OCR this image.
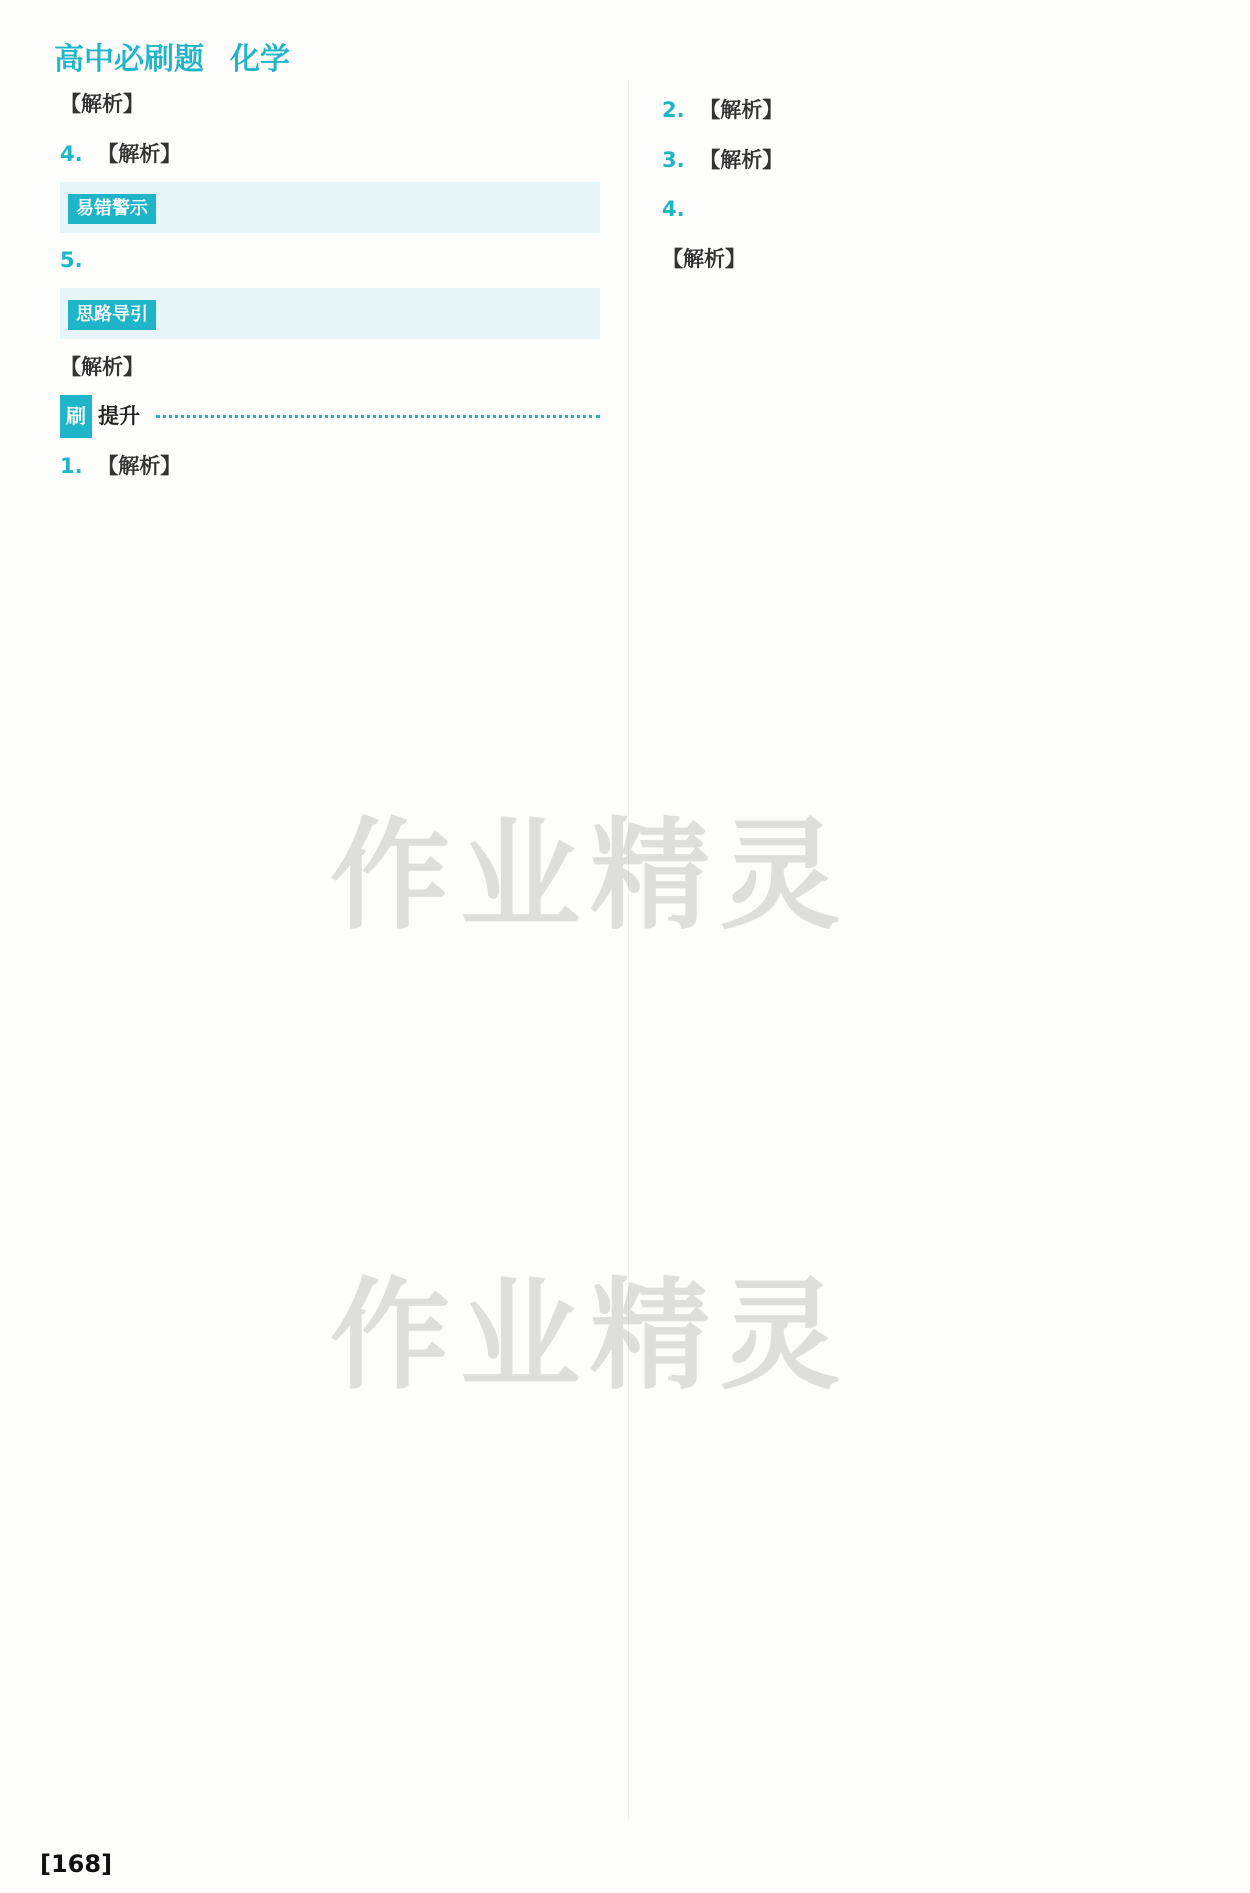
高中必刷题 化学

【解析】

4. 【解析】

易错警示

5.

思路导引

【解析】

刷 提升

1. 【解析】

2. 【解析】

3. 【解析】

4.

【解析】

作业精灵
作业精灵
[168]
